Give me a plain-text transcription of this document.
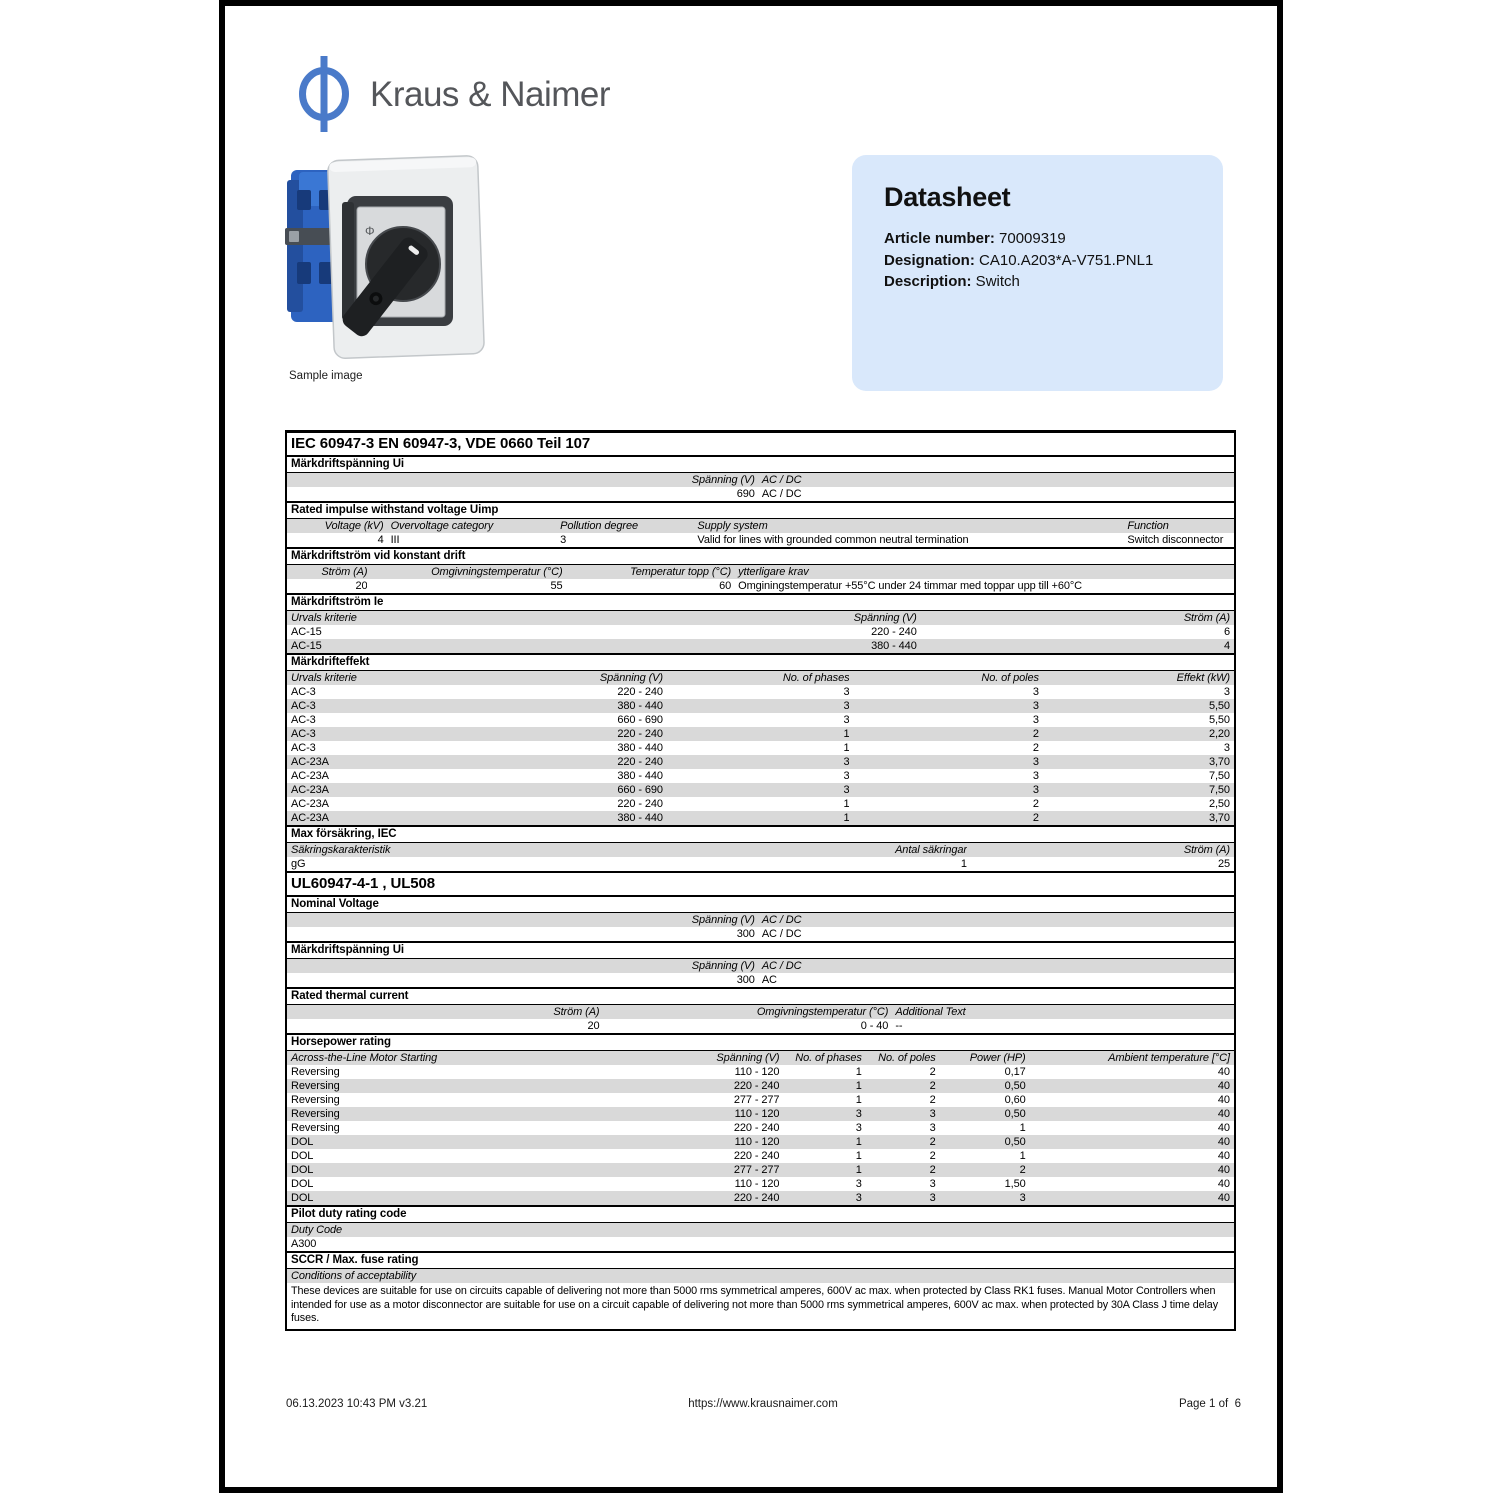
Kraus & Naimer
Φ
Sample image
Datasheet
Article number: 70009319
Designation: CA10.A203*A-V751.PNL1
Description: Switch
IEC 60947-3 EN 60947-3, VDE 0660 Teil 107
Märkdriftspänning Ui
Spänning (V) AC / DC
690 AC / DC
Rated impulse withstand voltage Uimp
Voltage (kV) Overvoltage category	Pollution degree	Supply system	Function
4 III	3	Valid for lines with grounded common neutral termination	Switch disconnector
Märkdriftström vid konstant drift
Ström (A)	Omgivningstemperatur (°C)	Temperatur topp (°C) ytterligare krav
20	55	60 Omginingstemperatur +55°C under 24 timmar med toppar upp till +60°C
Märkdriftström Ie
Urvals kriterie	Spänning (V)	Ström (A)
AC-15	220 - 240	6
AC-15	380 - 440	4
Märkdrifteffekt
Urvals kriterie	Spänning (V)	No. of phases	No. of poles	Effekt (kW)
AC-3	220 - 240	3	3	3
AC-3	380 - 440	3	3	5,50
AC-3	660 - 690	3	3	5,50
AC-3	220 - 240	1	2	2,20
AC-3	380 - 440	1	2	3
AC-23A	220 - 240	3	3	3,70
AC-23A	380 - 440	3	3	7,50
AC-23A	660 - 690	3	3	7,50
AC-23A	220 - 240	1	2	2,50
AC-23A	380 - 440	1	2	3,70
Max försäkring, IEC
Säkringskarakteristik	Antal säkringar	Ström (A)
gG	1	25
UL60947-4-1 , UL508
Nominal Voltage
Spänning (V) AC / DC
300 AC / DC
Märkdriftspänning Ui
Spänning (V) AC / DC
300 AC
Rated thermal current
Ström (A)	Omgivningstemperatur (°C) Additional Text
20	0 - 40 --
Horsepower rating
Across-the-Line Motor Starting	Spänning (V)	No. of phases	No. of poles	Power (HP)	Ambient temperature [°C]
Reversing	110 - 120	1	2	0,17	40
Reversing	220 - 240	1	2	0,50	40
Reversing	277 - 277	1	2	0,60	40
Reversing	110 - 120	3	3	0,50	40
Reversing	220 - 240	3	3	1	40
DOL	110 - 120	1	2	0,50	40
DOL	220 - 240	1	2	1	40
DOL	277 - 277	1	2	2	40
DOL	110 - 120	3	3	1,50	40
DOL	220 - 240	3	3	3	40
Pilot duty rating code
Duty Code
A300
SCCR / Max. fuse rating
Conditions of acceptability
These devices are suitable for use on circuits capable of delivering not more than 5000 rms symmetrical amperes, 600V ac max. when protected by Class RK1 fuses. Manual Motor Controllers when intended for use as a motor disconnector are suitable for use on a circuit capable of delivering not more than 5000 rms symmetrical amperes, 600V ac max. when protected by 30A Class J time delay fuses.
06.13.2023 10:43 PM v3.21	https://www.krausnaimer.com	Page 1 of  6
